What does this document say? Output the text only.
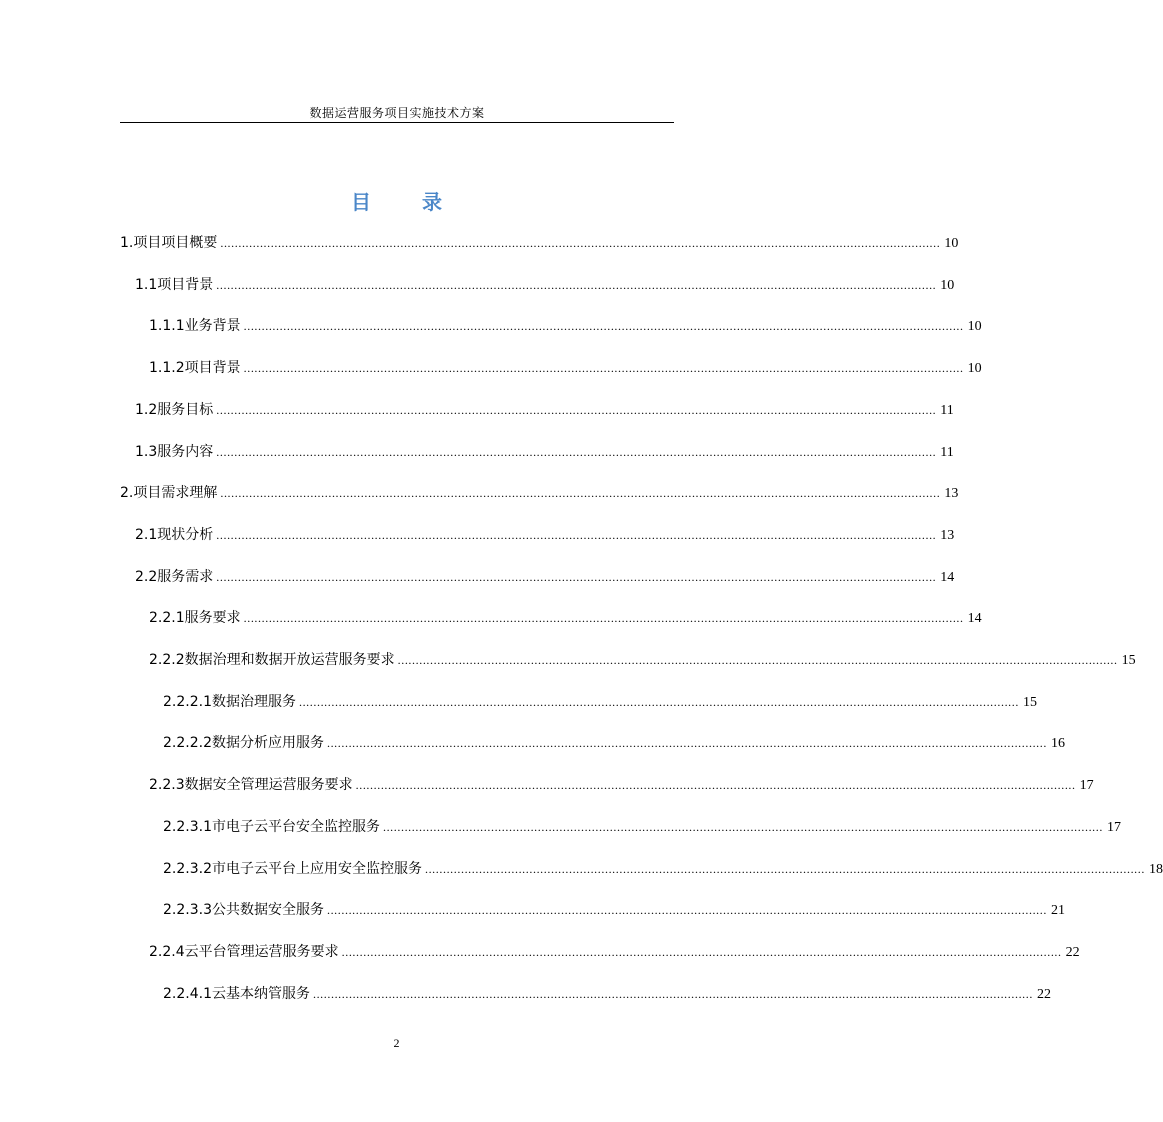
数据运营服务项目实施技术方案
目 录
1. 项目项目概要 ........................................................................................................................................................................................................ 10
1.1 项目背景 ........................................................................................................................................................................................................ 10
1.1.1 业务背景 ........................................................................................................................................................................................................ 10
1.1.2 项目背景 ........................................................................................................................................................................................................ 10
1.2 服务目标 ........................................................................................................................................................................................................ 11
1.3 服务内容 ........................................................................................................................................................................................................ 11
2. 项目需求理解 ........................................................................................................................................................................................................ 13
2.1 现状分析 ........................................................................................................................................................................................................ 13
2.2 服务需求 ........................................................................................................................................................................................................ 14
2.2.1 服务要求 ........................................................................................................................................................................................................ 14
2.2.2 数据治理和数据开放运营服务要求 ........................................................................................................................................................................................................ 15
2.2.2.1 数据治理服务 ........................................................................................................................................................................................................ 15
2.2.2.2 数据分析应用服务 ........................................................................................................................................................................................................ 16
2.2.3 数据安全管理运营服务要求 ........................................................................................................................................................................................................ 17
2.2.3.1 市电子云平台安全监控服务 ........................................................................................................................................................................................................ 17
2.2.3.2 市电子云平台上应用安全监控服务 ........................................................................................................................................................................................................ 18
2.2.3.3 公共数据安全服务 ........................................................................................................................................................................................................ 21
2.2.4 云平台管理运营服务要求 ........................................................................................................................................................................................................ 22
2.2.4.1 云基本纳管服务 ........................................................................................................................................................................................................ 22
2
